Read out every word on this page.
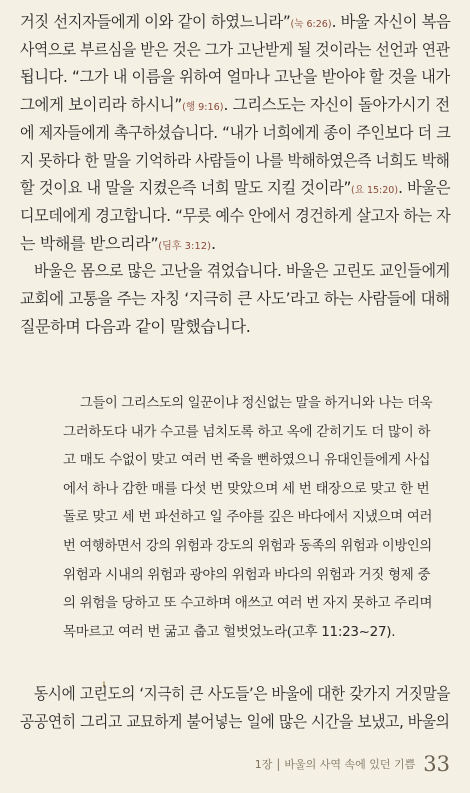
거짓 선지자들에게 이와 같이 하였느니라”(눅 6:26). 바울 자신이 복음
사역으로 부르심을 받은 것은 그가 고난받게 될 것이라는 선언과 연관
됩니다. “그가 내 이름을 위하여 얼마나 고난을 받아야 할 것을 내가
그에게 보이리라 하시니”(행 9:16). 그리스도는 자신이 돌아가시기 전
에 제자들에게 촉구하셨습니다. “내가 너희에게 종이 주인보다 더 크
지 못하다 한 말을 기억하라 사람들이 나를 박해하였은즉 너희도 박해
할 것이요 내 말을 지켰은즉 너희 말도 지킬 것이라”(요 15:20). 바울은
디모데에게 경고합니다. “무릇 예수 안에서 경건하게 살고자 하는 자
는 박해를 받으리라”(딤후 3:12).
바울은 몸으로 많은 고난을 겪었습니다. 바울은 고린도 교인들에게
교회에 고통을 주는 자칭 ‘지극히 큰 사도’라고 하는 사람들에 대해
질문하며 다음과 같이 말했습니다.
그들이 그리스도의 일꾼이냐 정신없는 말을 하거니와 나는 더욱
그러하도다 내가 수고를 넘치도록 하고 옥에 갇히기도 더 많이 하
고 매도 수없이 맞고 여러 번 죽을 뻔하였으니 유대인들에게 사십
에서 하나 감한 매를 다섯 번 맞았으며 세 번 태장으로 맞고 한 번
돌로 맞고 세 번 파선하고 일 주야를 깊은 바다에서 지냈으며 여러
번 여행하면서 강의 위험과 강도의 위험과 동족의 위험과 이방인의
위험과 시내의 위험과 광야의 위험과 바다의 위험과 거짓 형제 중
의 위험을 당하고 또 수고하며 애쓰고 여러 번 자지 못하고 주리며
목마르고 여러 번 굶고 춥고 헐벗었노라(고후 11:23~27).
동시에 고린도의 ‘지극히 큰 사도들’은 바울에 대한 갖가지 거짓말을
공공연히 그리고 교묘하게 불어넣는 일에 많은 시간을 보냈고, 바울의
1장 | 바울의 사역 속에 있던 기쁨 33
